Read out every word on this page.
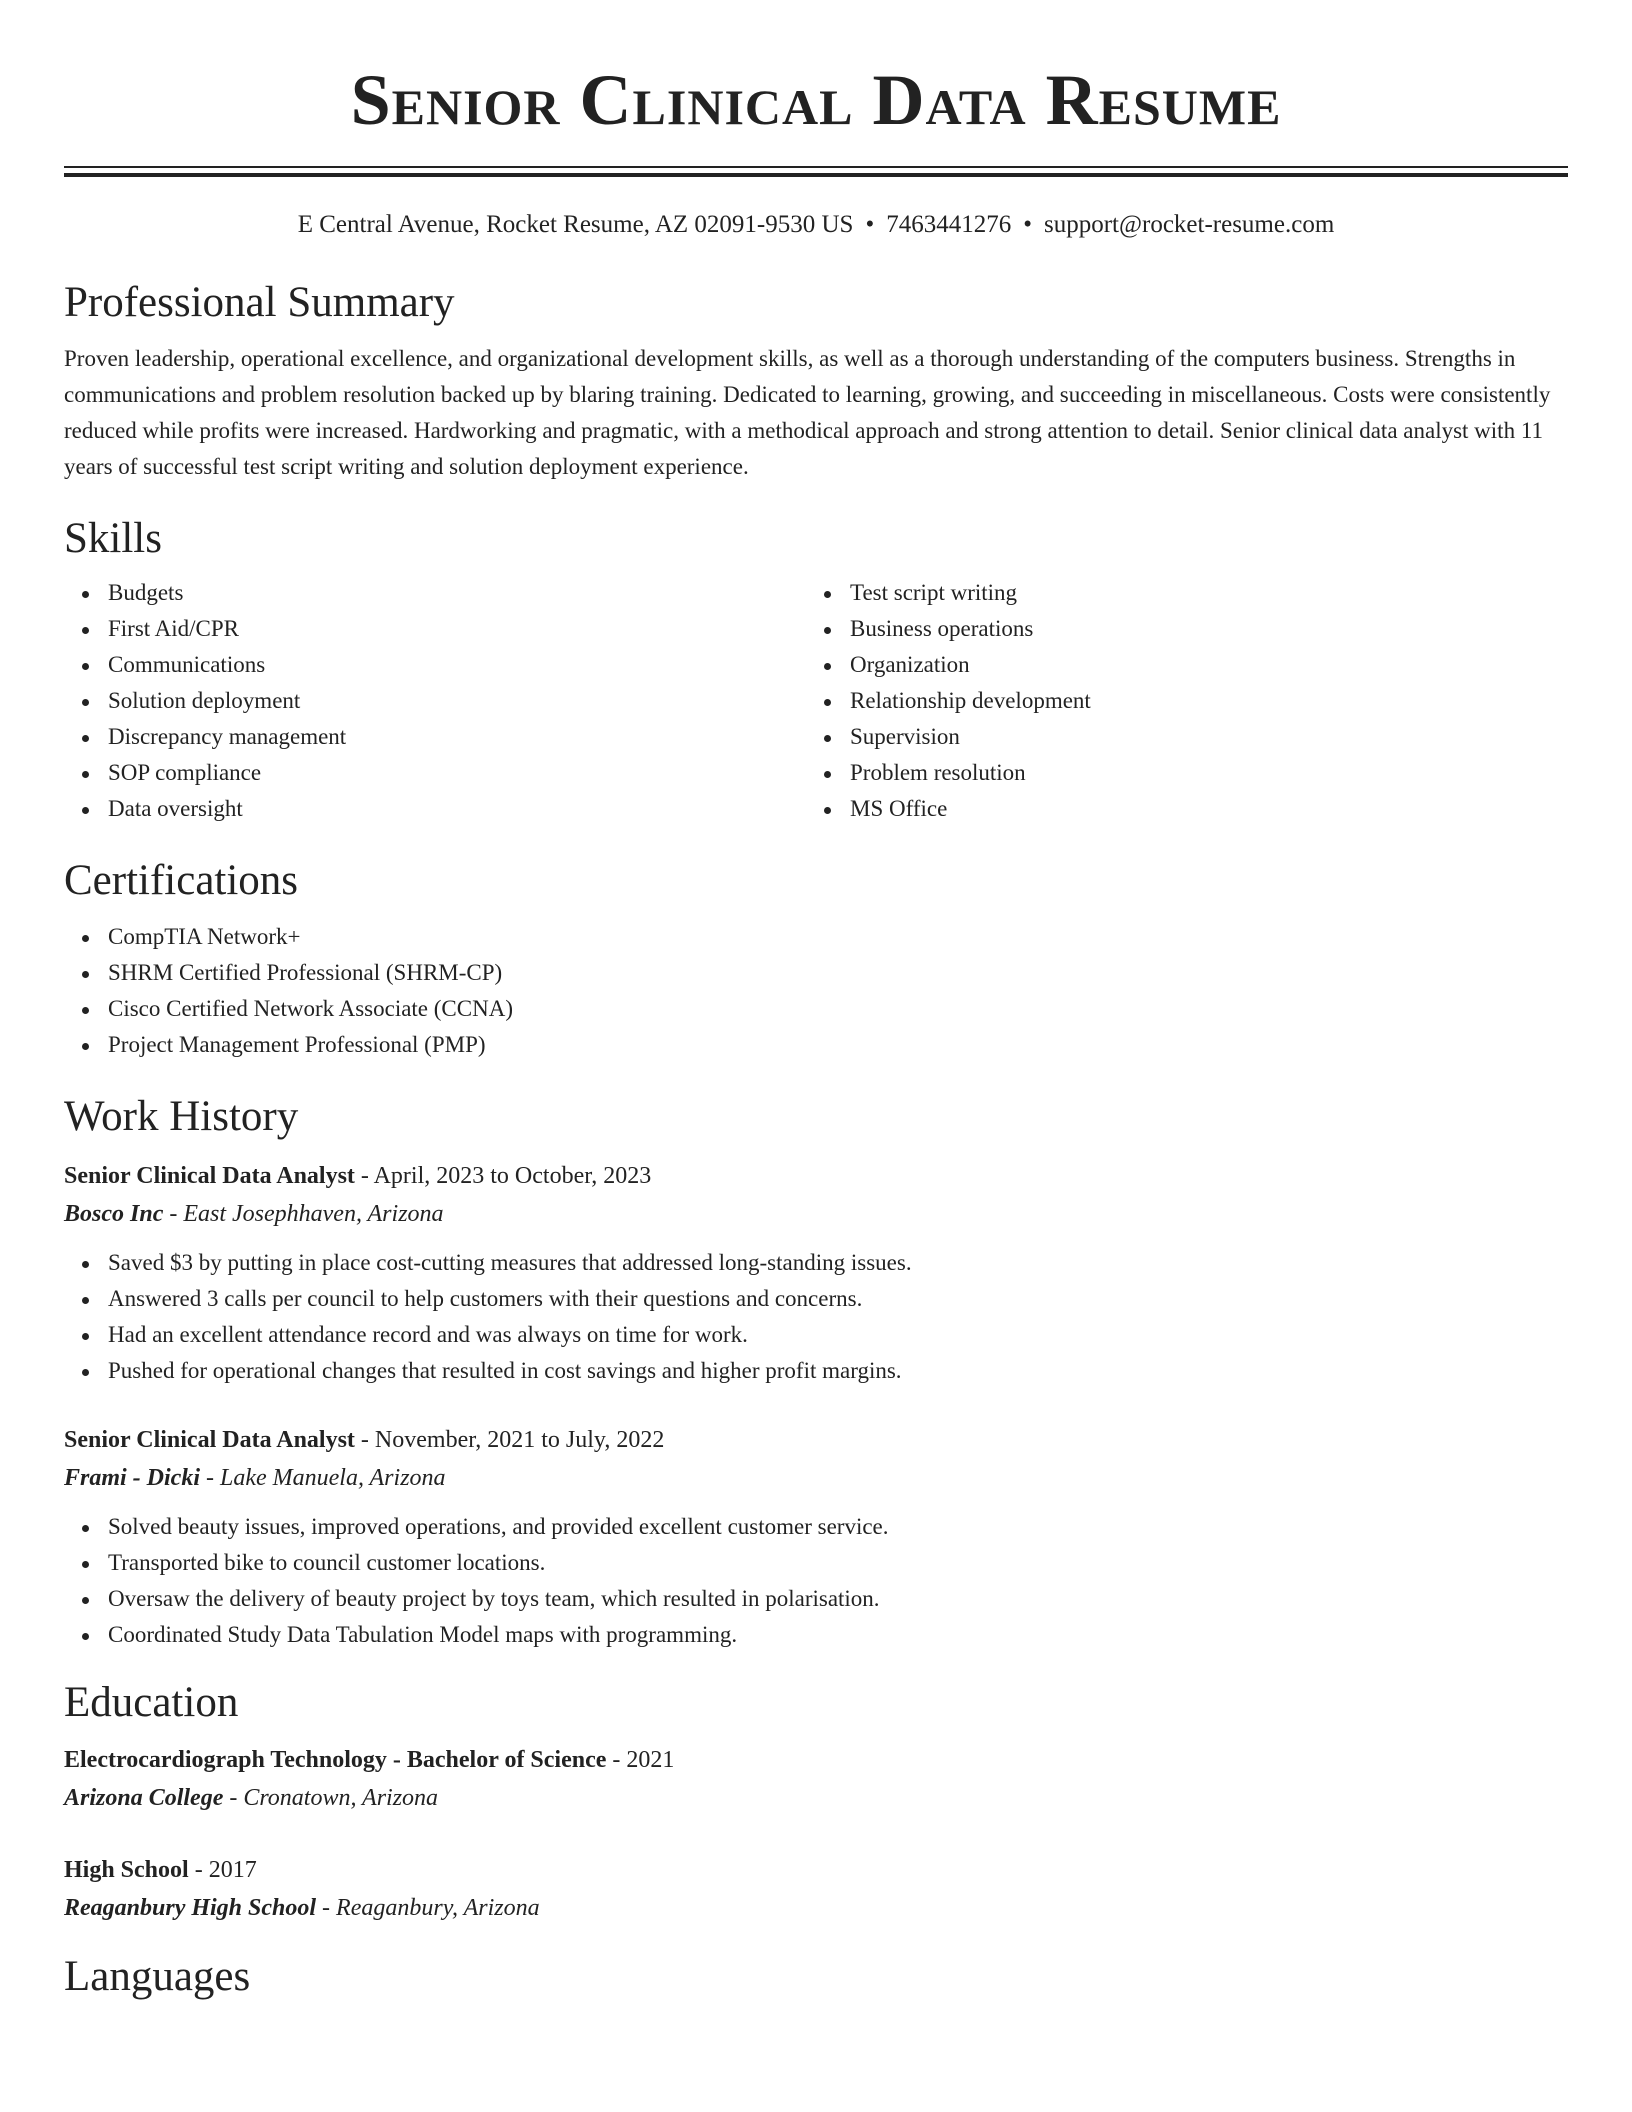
Senior Clinical Data Resume
E Central Avenue, Rocket Resume, AZ 02091-9530 US • 7463441276 • support@rocket-resume.com
Professional Summary
Proven leadership, operational excellence, and organizational development skills, as well as a thorough understanding of the computers business. Strengths in communications and problem resolution backed up by blaring training. Dedicated to learning, growing, and succeeding in miscellaneous. Costs were consistently reduced while profits were increased. Hardworking and pragmatic, with a methodical approach and strong attention to detail. Senior clinical data analyst with 11 years of successful test script writing and solution deployment experience.
Skills
Budgets
First Aid/CPR
Communications
Solution deployment
Discrepancy management
SOP compliance
Data oversight
Test script writing
Business operations
Organization
Relationship development
Supervision
Problem resolution
MS Office
Certifications
CompTIA Network+
SHRM Certified Professional (SHRM-CP)
Cisco Certified Network Associate (CCNA)
Project Management Professional (PMP)
Work History
Senior Clinical Data Analyst - April, 2023 to October, 2023
Bosco Inc - East Josephhaven, Arizona
Saved $3 by putting in place cost-cutting measures that addressed long-standing issues.
Answered 3 calls per council to help customers with their questions and concerns.
Had an excellent attendance record and was always on time for work.
Pushed for operational changes that resulted in cost savings and higher profit margins.
Senior Clinical Data Analyst - November, 2021 to July, 2022
Frami - Dicki - Lake Manuela, Arizona
Solved beauty issues, improved operations, and provided excellent customer service.
Transported bike to council customer locations.
Oversaw the delivery of beauty project by toys team, which resulted in polarisation.
Coordinated Study Data Tabulation Model maps with programming.
Education
Electrocardiograph Technology - Bachelor of Science - 2021
Arizona College - Cronatown, Arizona
High School - 2017
Reaganbury High School - Reaganbury, Arizona
Languages
